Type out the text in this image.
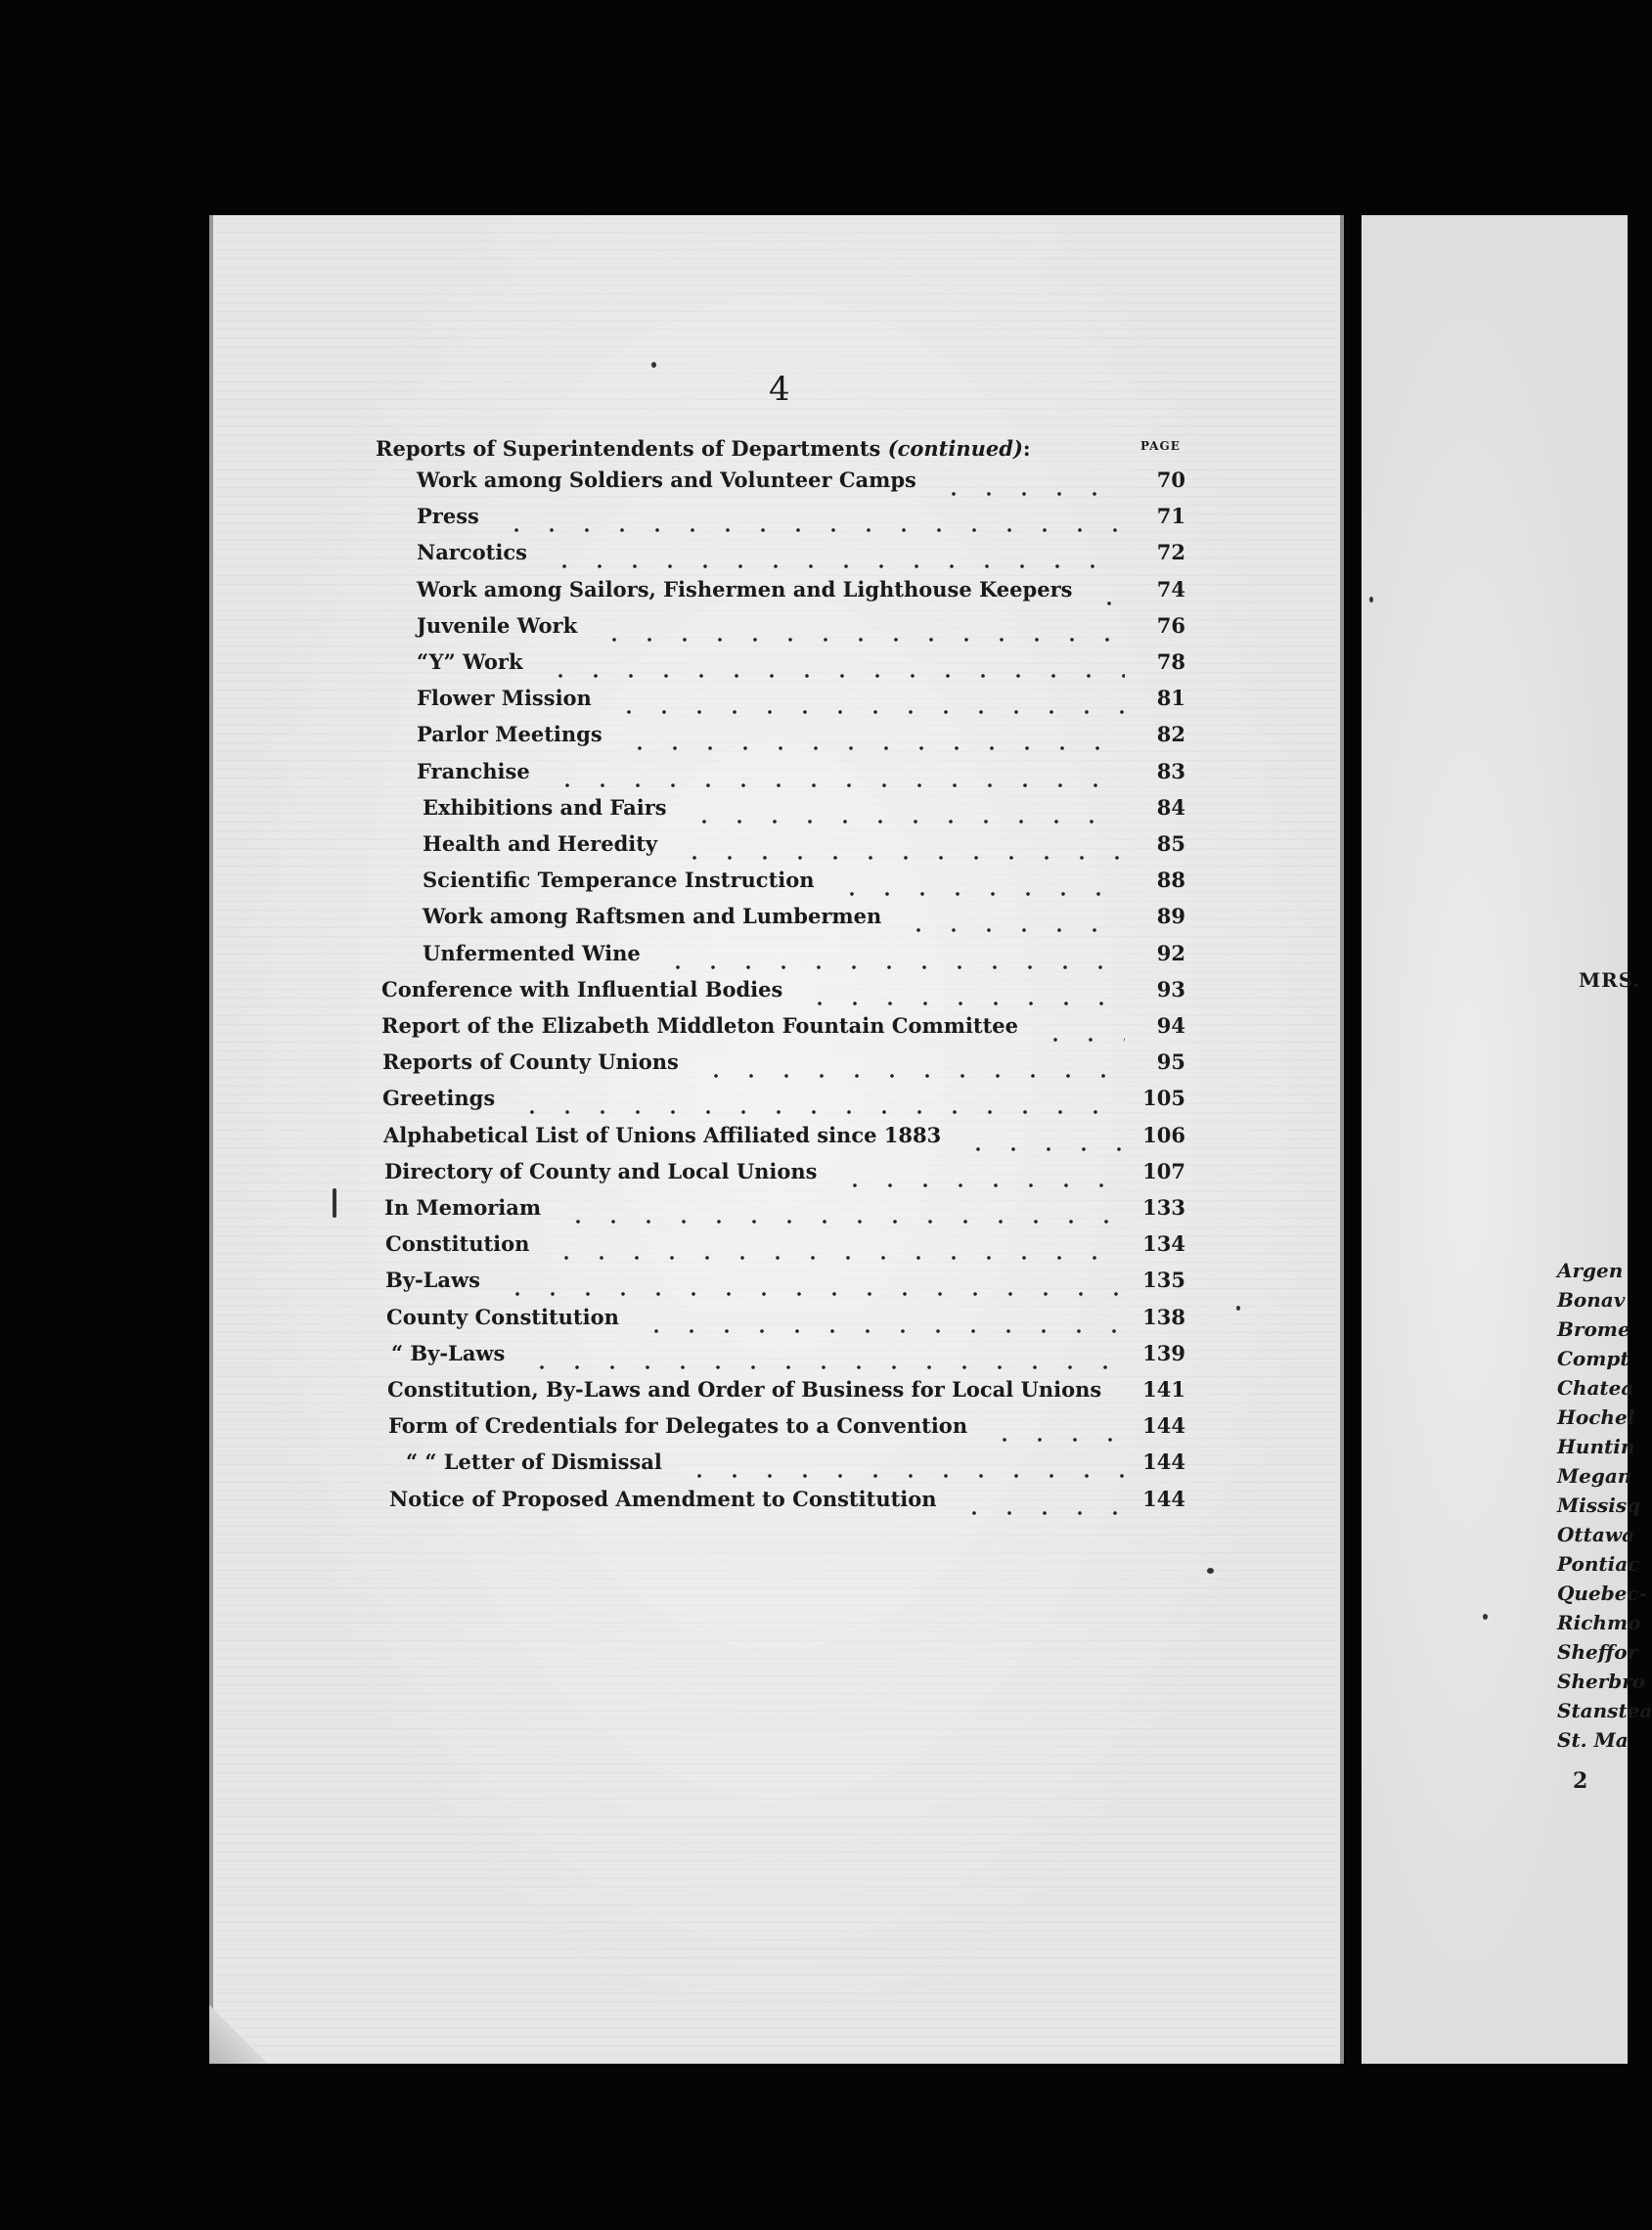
4
Reports of Superintendents of Departments (continued):	PAGE
Work among Soldiers and Volunteer Camps	70
Press	71
Narcotics	72
Work among Sailors, Fishermen and Lighthouse Keepers	74
Juvenile Work	76
“Y” Work	78
Flower Mission	81
Parlor Meetings	82
Franchise	83
Exhibitions and Fairs	84
Health and Heredity	85
Scientific Temperance Instruction	88
Work among Raftsmen and Lumbermen	89
Unfermented Wine	92
Conference with Influential Bodies	93
Report of the Elizabeth Middleton Fountain Committee	94
Reports of County Unions	95
Greetings	105
Alphabetical List of Unions Affiliated since 1883	106
Directory of County and Local Unions	107
In Memoriam	133
Constitution	134
By-Laws	135
County Constitution	138
“ By-Laws	139
Constitution, By-Laws and Order of Business for Local Unions 141
Form of Credentials for Delegates to a Convention	144
“ “ Letter of Dismissal	144
Notice of Proposed Amendment to Constitution	144
MRS.
Argen
Bonav
Brome
Compt
Chatea
Hochel
Huntin
Megan
Missisq
Ottawa
Pontiac
Quebec-
Richmo
Sheffor
Sherbro
Stanstea
St. Ma
2
